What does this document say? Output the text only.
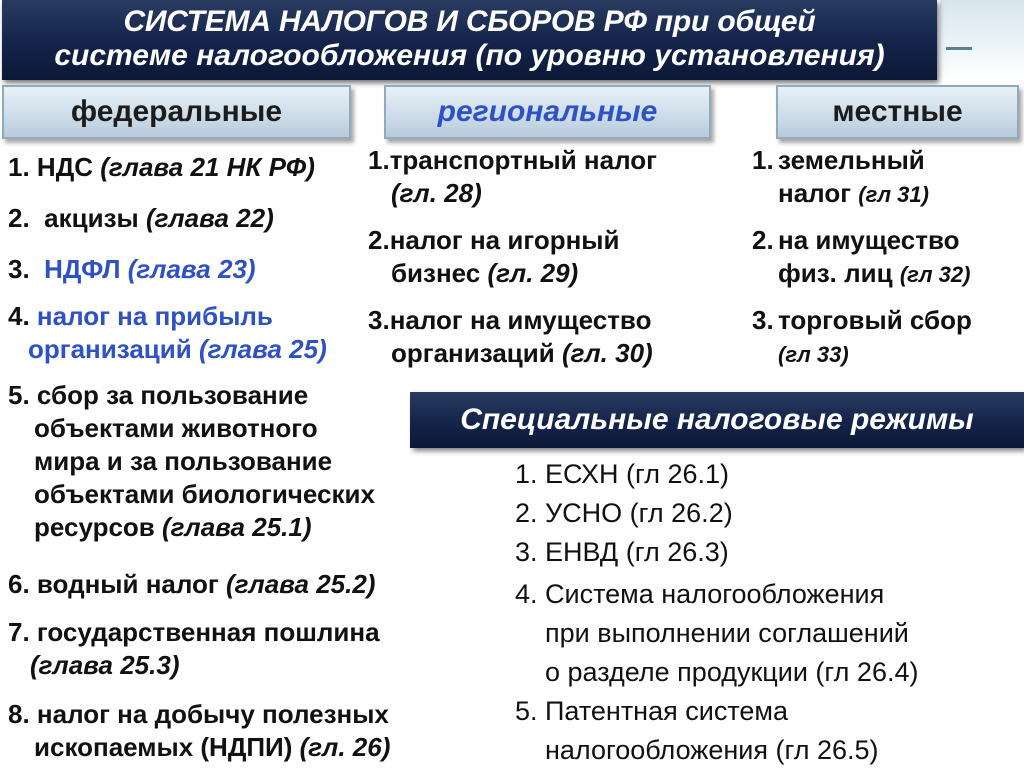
СИСТЕМА НАЛОГОВ И СБОРОВ РФ при общей
системе налогообложения (по уровню установления)
федеральные	региональные	местные
1. НДС (глава 21 НК РФ)
2.  акцизы (глава 22)
3.  НДФЛ (глава 23)
4. налог на прибыль
организаций (глава 25)
5. сбор за пользование
объектами животного
мира и за пользование
объектами биологических
ресурсов (глава 25.1)
6. водный налог (глава 25.2)
7. государственная пошлина
(глава 25.3)
8. налог на добычу полезных
ископаемых (НДПИ) (гл. 26)
1.транспортный налог
(гл. 28)
2.налог на игорный
бизнес (гл. 29)
3.налог на имущество
организаций (гл. 30)
1. земельный
налог (гл 31)
2. на имущество
физ. лиц (гл 32)
3. торговый сбор
(гл 33)
Специальные налоговые режимы
1. ЕСХН (гл 26.1)
2. УСНО (гл 26.2)
3. ЕНВД (гл 26.3)
4. Система налогообложения
при выполнении соглашений
о разделе продукции (гл 26.4)
5. Патентная система
налогообложения (гл 26.5)
